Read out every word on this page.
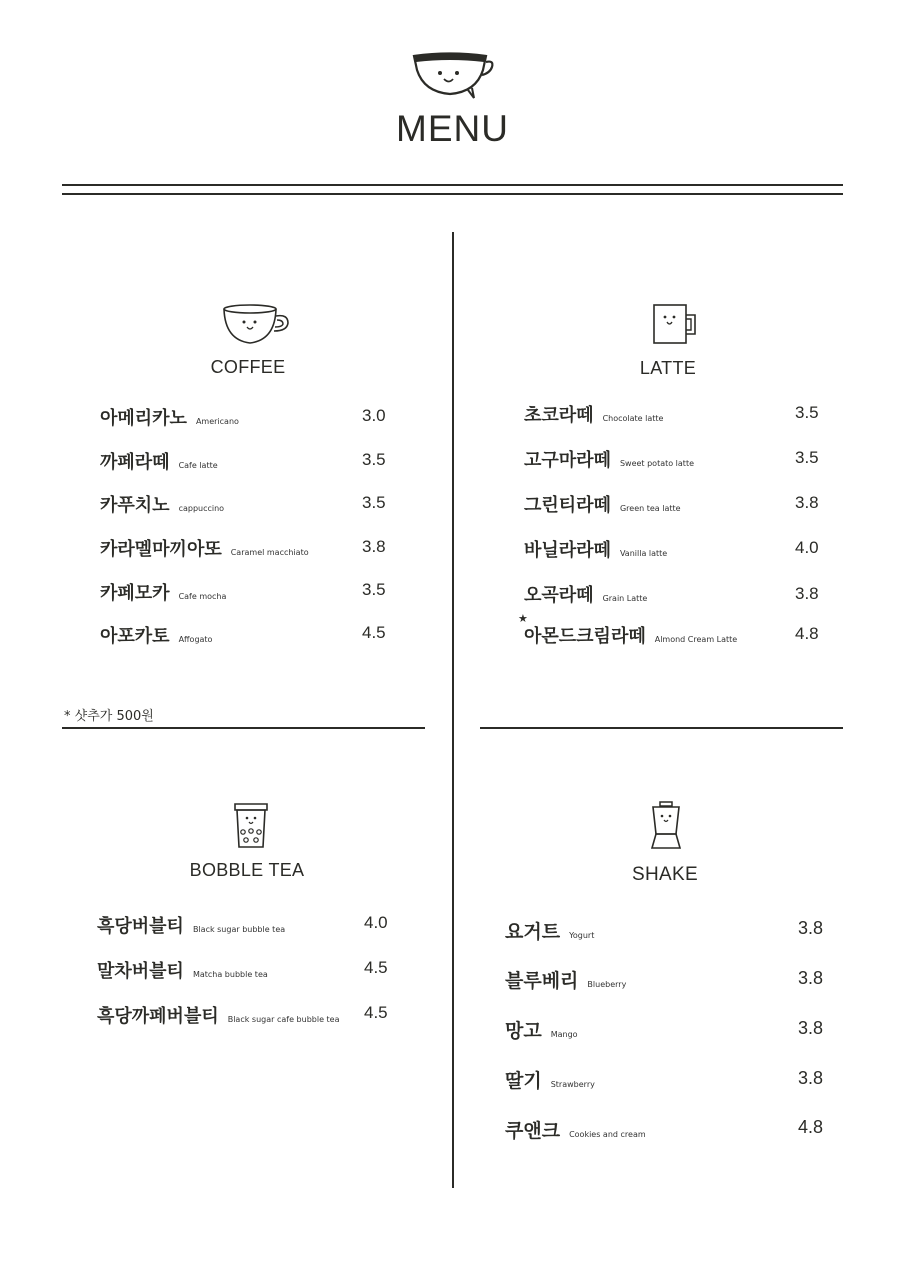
MENU
COFFEE
아메리카노 Americano	3.0
까페라떼 Cafe latte	3.5
카푸치노 cappuccino	3.5
카라멜마끼아또 Caramel macchiato	3.8
카페모카 Cafe mocha	3.5
아포카토 Affogato	4.5
* 샷추가 500원
LATTE
초코라떼 Chocolate latte	3.5
고구마라떼 Sweet potato latte	3.5
그린티라떼 Green tea latte	3.8
바닐라라떼 Vanilla latte	4.0
오곡라떼 Grain Latte	3.8
★
아몬드크림라떼 Almond Cream Latte	4.8
BOBBLE TEA
흑당버블티 Black sugar bubble tea	4.0
말차버블티 Matcha bubble tea	4.5
흑당까페버블티 Black sugar cafe bubble tea 4.5
SHAKE
요거트 Yogurt	3.8
블루베리 Blueberry	3.8
망고 Mango	3.8
딸기 Strawberry	3.8
쿠앤크 Cookies and cream	4.8
